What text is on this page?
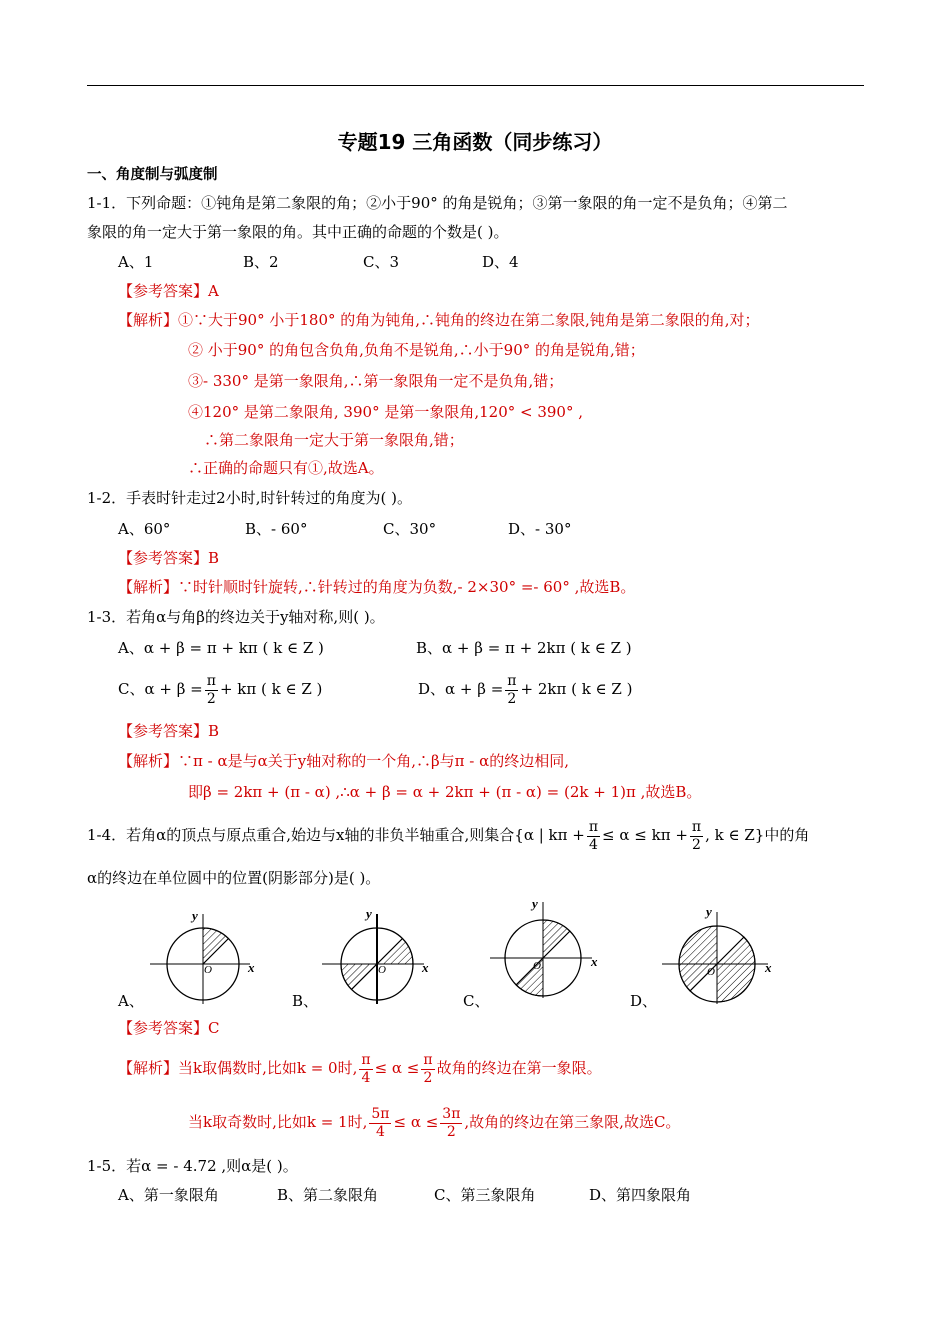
专题19 三角函数（同步练习）
一、角度制与弧度制
1-1．下列命题：①钝角是第二象限的角；②小于90° 的角是锐角；③第一象限的角一定不是负角；④第二
象限的角一定大于第一象限的角。其中正确的命题的个数是( )。
A、1	B、2	C、3	D、4
【参考答案】A
【解析】①∵大于90° 小于180° 的角为钝角,∴钝角的终边在第二象限,钝角是第二象限的角,对；
② 小于90° 的角包含负角,负角不是锐角,∴小于90° 的角是锐角,错；
③- 330° 是第一象限角,∴第一象限角一定不是负角,错；
④120° 是第二象限角, 390° 是第一象限角,120° < 390° ,
∴第二象限角一定大于第一象限角,错；
∴正确的命题只有①,故选A。
1-2．手表时针走过2小时,时针转过的角度为( )。
A、60°	B、- 60°	C、30°	D、- 30°
【参考答案】B
【解析】∵时针顺时针旋转,∴针转过的角度为负数,- 2×30° =- 60° ,故选B。
1-3．若角α与角β的终边关于y轴对称,则( )。
A、α + β = π + kπ ( k ∈ Z )	B、α + β = π + 2kπ ( k ∈ Z )
C、$\alpha + \beta = \frac{\pi}{2} + k\pi$ ( k ∈ Z )	D、$\alpha + \beta = \frac{\pi}{2} + 2k\pi$ ( k ∈ Z )
【参考答案】B
【解析】∵π - α是与α关于y轴对称的一个角,∴β与π - α的终边相同,
即β = 2kπ + (π - α) ,∴α + β = α + 2kπ + (π - α) = (2k + 1)π ,故选B。
1-4．若角α的顶点与原点重合,始边与x轴的非负半轴重合,则集合{α | $k\pi + \frac{\pi}{4} \le \alpha \le k\pi + \frac{\pi}{2}$ , k ∈ Z}中的角
α的终边在单位圆中的位置(阴影部分)是( )。
y
x
O
A、
y
x
O
B、
y
x
O
C、
y
x
O
D、
【参考答案】C
【解析】当k取偶数时,比如k = 0时, $\frac{\pi}{4} \le \alpha \le \frac{\pi}{2}$ 故角的终边在第一象限。
当k取奇数时,比如k = 1时, $\frac{5\pi}{4} \le \alpha \le \frac{3\pi}{2}$ ,故角的终边在第三象限,故选C。
1-5．若α = - 4.72 ,则α是( )。
A、第一象限角	B、第二象限角	C、第三象限角	D、第四象限角
